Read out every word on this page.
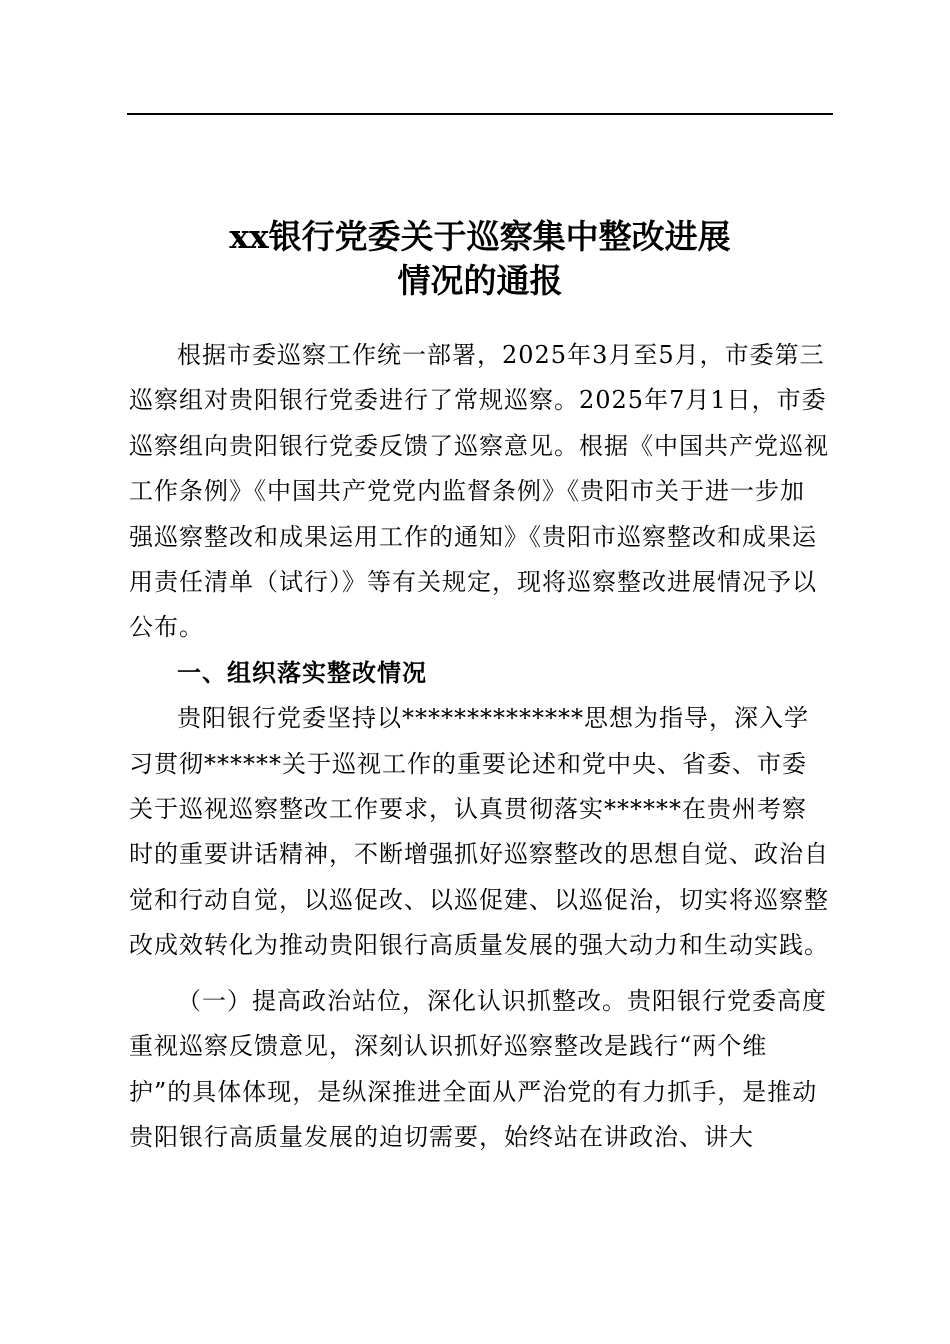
xx银行党委关于巡察集中整改进展
情况的通报

根据市委巡察工作统一部署，2025年3月至5月，市委第三巡察组对贵阳银行党委进行了常规巡察。2025年7月1日，市委巡察组向贵阳银行党委反馈了巡察意见。根据《中国共产党巡视工作条例》《中国共产党党内监督条例》《贵阳市关于进一步加强巡察整改和成果运用工作的通知》《贵阳市巡察整改和成果运用责任清单（试行）》等有关规定，现将巡察整改进展情况予以公布。

一、组织落实整改情况

贵阳银行党委坚持以**************思想为指导，深入学习贯彻******关于巡视工作的重要论述和党中央、省委、市委关于巡视巡察整改工作要求，认真贯彻落实******在贵州考察时的重要讲话精神，不断增强抓好巡察整改的思想自觉、政治自觉和行动自觉，以巡促改、以巡促建、以巡促治，切实将巡察整改成效转化为推动贵阳银行高质量发展的强大动力和生动实践。

（一）提高政治站位，深化认识抓整改。贵阳银行党委高度重视巡察反馈意见，深刻认识抓好巡察整改是践行“两个维护”的具体体现，是纵深推进全面从严治党的有力抓手，是推动贵阳银行高质量发展的迫切需要，始终站在讲政治、讲大
